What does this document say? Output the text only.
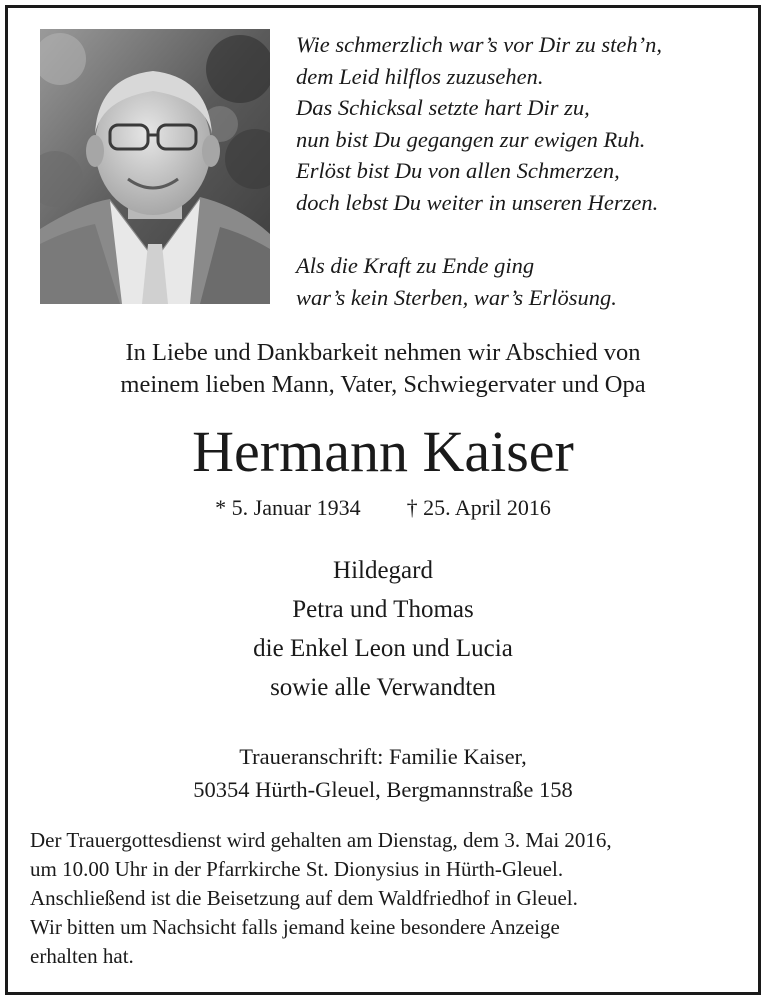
Wie schmerzlich war’s vor Dir zu steh’n,
dem Leid hilflos zuzusehen.
Das Schicksal setzte hart Dir zu,
nun bist Du gegangen zur ewigen Ruh.
Erlöst bist Du von allen Schmerzen,
doch lebst Du weiter in unseren Herzen.
Als die Kraft zu Ende ging
war’s kein Sterben, war’s Erlösung.
In Liebe und Dankbarkeit nehmen wir Abschied von
meinem lieben Mann, Vater, Schwiegervater und Opa
Hermann Kaiser
* 5. Januar 1934 † 25. April 2016
Hildegard
Petra und Thomas
die Enkel Leon und Lucia
sowie alle Verwandten
Traueranschrift: Familie Kaiser,
50354 Hürth-Gleuel, Bergmannstraße 158
Der Trauergottesdienst wird gehalten am Dienstag, dem 3. Mai 2016,
um 10.00 Uhr in der Pfarrkirche St. Dionysius in Hürth-Gleuel.
Anschließend ist die Beisetzung auf dem Waldfriedhof in Gleuel.
Wir bitten um Nachsicht falls jemand keine besondere Anzeige
erhalten hat.
